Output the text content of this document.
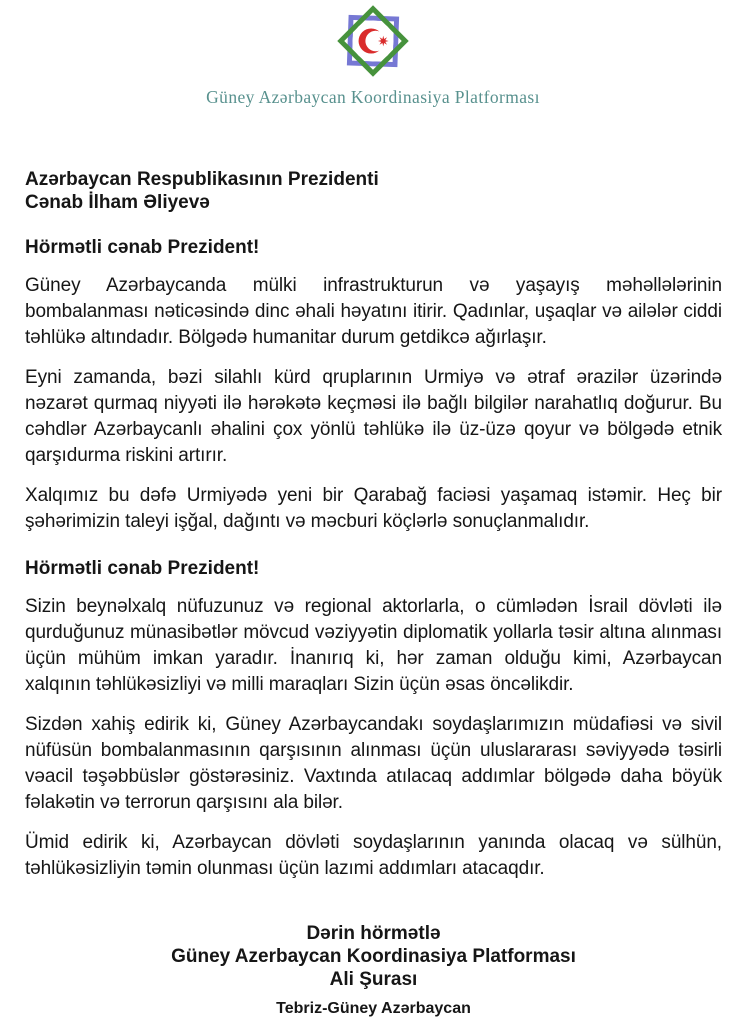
Güney Azərbaycan Koordinasiya Platforması
Azərbaycan Respublikasının Prezidenti
Cənab İlham Əliyevə
Hörmətli cənab Prezident!

Güney Azərbaycanda mülki infrastrukturun və yaşayış məhəllələrinin bombalanması nəticəsində dinc əhali həyatını itirir. Qadınlar, uşaqlar və ailələr ciddi təhlükə altındadır. Bölgədə humanitar durum getdikcə ağırlaşır.

Eyni zamanda, bəzi silahlı kürd qruplarının Urmiyə və ətraf ərazilər üzərində nəzarət qurmaq niyyəti ilə hərəkətə keçməsi ilə bağlı bilgilər narahatlıq doğurur. Bu cəhdlər Azərbaycanlı əhalini çox yönlü təhlükə ilə üz-üzə qoyur və bölgədə etnik qarşıdurma riskini artırır.

Xalqımız bu dəfə Urmiyədə yeni bir Qarabağ faciəsi yaşamaq istəmir. Heç bir şəhərimizin taleyi işğal, dağıntı və məcburi köçlərlə sonuçlanmalıdır.

Hörmətli cənab Prezident!

Sizin beynəlxalq nüfuzunuz və regional aktorlarla, o cümlədən İsrail dövləti ilə qurduğunuz münasibətlər mövcud vəziyyətin diplomatik yollarla təsir altına alınması üçün mühüm imkan yaradır. İnanırıq ki, hər zaman olduğu kimi, Azərbaycan xalqının təhlükəsizliyi və milli maraqları Sizin üçün əsas öncəlikdir.

Sizdən xahiş edirik ki, Güney Azərbaycandakı soydaşlarımızın müdafiəsi və sivil nüfüsün bombalanmasının qarşısının alınması üçün uluslararası səviyyədə təsirli vəacil təşəbbüslər göstərəsiniz. Vaxtında atılacaq addımlar bölgədə daha böyük fəlakətin və terrorun qarşısını ala bilər.

Ümid edirik ki, Azərbaycan dövləti soydaşlarının yanında olacaq və sülhün, təhlükəsizliyin təmin olunması üçün lazımi addımları atacaqdır.

Dərin hörmətlə
Güney Azerbaycan Koordinasiya Platforması
Ali Şurası
Tebriz-Güney Azərbaycan
